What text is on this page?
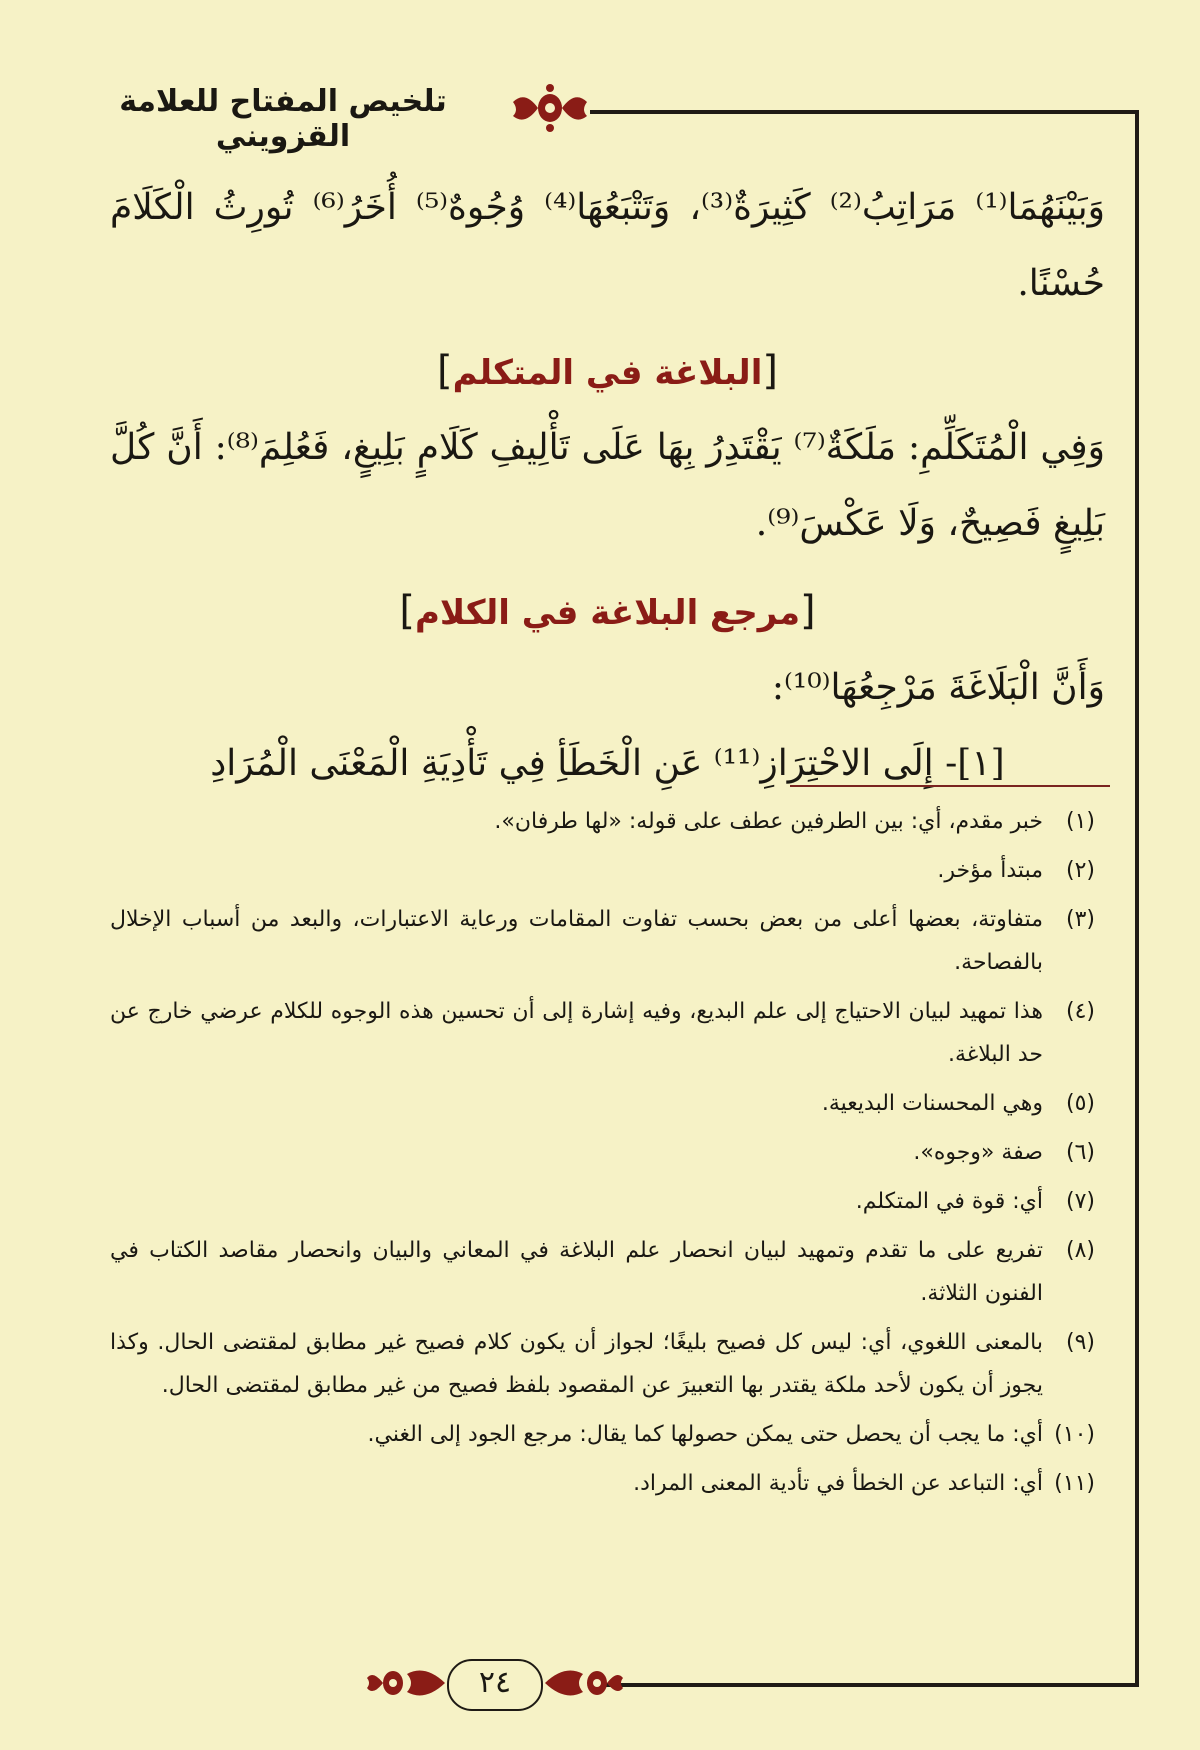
تلخيص المفتاح للعلامة القزويني

وَبَيْنَهُمَا⁽¹⁾ مَرَاتِبُ⁽²⁾ كَثِيرَةٌ⁽³⁾، وَتَتْبَعُهَا⁽⁴⁾ وُجُوهٌ⁽⁵⁾ أُخَرُ⁽⁶⁾ تُورِثُ الْكَلَامَ حُسْنًا.

[البلاغة في المتكلم]

وَفِي الْمُتَكَلِّمِ: مَلَكَةٌ⁽⁷⁾ يَقْتَدِرُ بِهَا عَلَى تَأْلِيفِ كَلَامٍ بَلِيغٍ، فَعُلِمَ⁽⁸⁾: أَنَّ كُلَّ بَلِيغٍ فَصِيحٌ، وَلَا عَكْسَ⁽⁹⁾.

[مرجع البلاغة في الكلام]

وَأَنَّ الْبَلَاغَةَ مَرْجِعُهَا⁽¹⁰⁾:

[١]- إِلَى الاحْتِرَازِ⁽¹¹⁾ عَنِ الْخَطَأِ فِي تَأْدِيَةِ الْمَعْنَى الْمُرَادِ

(١)
خبر مقدم، أي: بين الطرفين عطف على قوله: «لها طرفان».
(٢)
مبتدأ مؤخر.
(٣)
متفاوتة، بعضها أعلى من بعض بحسب تفاوت المقامات ورعاية الاعتبارات، والبعد من أسباب الإخلال بالفصاحة.
(٤)
هذا تمهيد لبيان الاحتياج إلى علم البديع، وفيه إشارة إلى أن تحسين هذه الوجوه للكلام عرضي خارج عن حد البلاغة.
(٥)
وهي المحسنات البديعية.
(٦)
صفة «وجوه».
(٧)
أي: قوة في المتكلم.
(٨)
تفريع على ما تقدم وتمهيد لبيان انحصار علم البلاغة في المعاني والبيان وانحصار مقاصد الكتاب في الفنون الثلاثة.
(٩)
بالمعنى اللغوي، أي: ليس كل فصيح بليغًا؛ لجواز أن يكون كلام فصيح غير مطابق لمقتضى الحال. وكذا يجوز أن يكون لأحد ملكة يقتدر بها التعبيرَ عن المقصود بلفظ فصيح من غير مطابق لمقتضى الحال.
(١٠)
أي: ما يجب أن يحصل حتى يمكن حصولها كما يقال: مرجع الجود إلى الغني.
(١١)
أي: التباعد عن الخطأ في تأدية المعنى المراد.
٢٤
